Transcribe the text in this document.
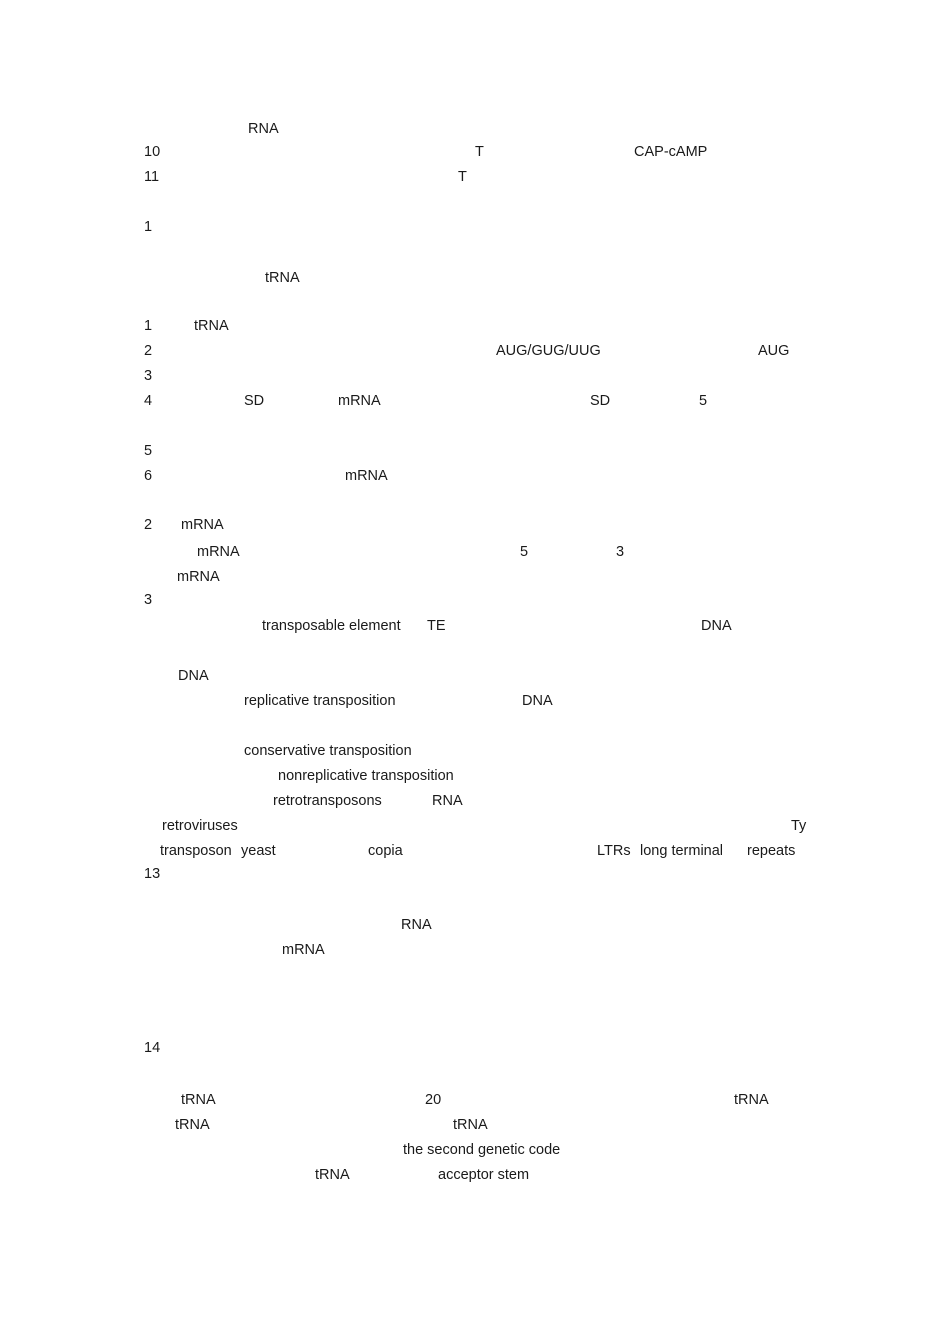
RNA
10	T	CAP-cAMP
11	T
1
tRNA
1	tRNA
2	AUG/GUG/UUG	AUG
3
4	SD	mRNA	SD	5
5
6	mRNA
2 mRNA
mRNA	5	3
mRNA
3
transposable element TE	DNA
DNA
replicative transposition	DNA
conservative transposition
nonreplicative transposition
retrotransposons	RNA
retroviruses	Ty
transposon yeast	copia	LTRs long terminal repeats
13
RNA
mRNA
14
tRNA	20	tRNA
tRNA	tRNA
the second genetic code
tRNA	acceptor stem
